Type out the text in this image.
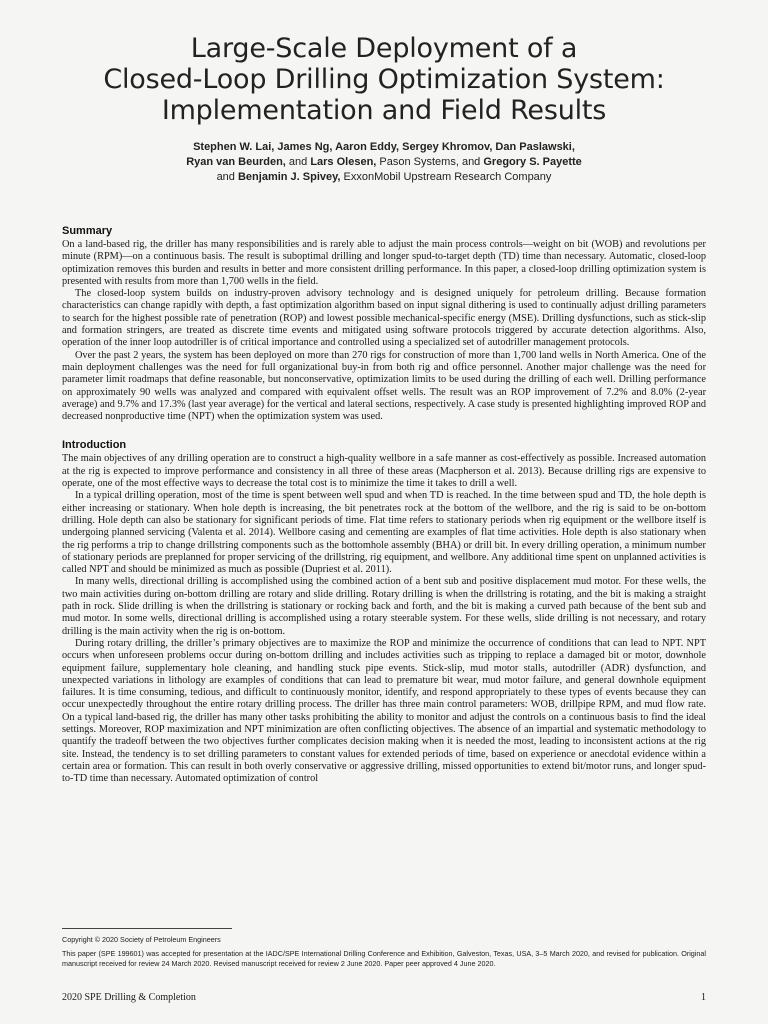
Large-Scale Deployment of a
Closed-Loop Drilling Optimization System:
Implementation and Field Results
Stephen W. Lai, James Ng, Aaron Eddy, Sergey Khromov, Dan Paslawski,
Ryan van Beurden, and Lars Olesen, Pason Systems, and Gregory S. Payette
and Benjamin J. Spivey, ExxonMobil Upstream Research Company
Summary

On a land-based rig, the driller has many responsibilities and is rarely able to adjust the main process controls—weight on bit (WOB) and revolutions per minute (RPM)—on a continuous basis. The result is suboptimal drilling and longer spud-to-target depth (TD) time than necessary. Automatic, closed-loop optimization removes this burden and results in better and more consistent drilling performance. In this paper, a closed-loop drilling optimization system is presented with results from more than 1,700 wells in the field.

The closed-loop system builds on industry-proven advisory technology and is designed uniquely for petroleum drilling. Because formation characteristics can change rapidly with depth, a fast optimization algorithm based on input signal dithering is used to continually adjust drilling parameters to search for the highest possible rate of penetration (ROP) and lowest possible mechanical-specific energy (MSE). Drilling dysfunctions, such as stick-slip and formation stringers, are treated as discrete time events and mitigated using software protocols triggered by accurate detection algorithms. Also, operation of the inner loop autodriller is of critical importance and controlled using a specialized set of autodriller management protocols.

Over the past 2 years, the system has been deployed on more than 270 rigs for construction of more than 1,700 land wells in North America. One of the main deployment challenges was the need for full organizational buy-in from both rig and office personnel. Another major challenge was the need for parameter limit roadmaps that define reasonable, but nonconservative, optimization limits to be used during the drilling of each well. Drilling performance on approximately 90 wells was analyzed and compared with equivalent offset wells. The result was an ROP improvement of 7.2% and 8.0% (2-year average) and 9.7% and 17.3% (last year average) for the vertical and lateral sections, respectively. A case study is presented highlighting improved ROP and decreased nonproductive time (NPT) when the optimization system was used.

Introduction

The main objectives of any drilling operation are to construct a high-quality wellbore in a safe manner as cost-effectively as possible. Increased automation at the rig is expected to improve performance and consistency in all three of these areas (Macpherson et al. 2013). Because drilling rigs are expensive to operate, one of the most effective ways to decrease the total cost is to minimize the time it takes to drill a well.

In a typical drilling operation, most of the time is spent between well spud and when TD is reached. In the time between spud and TD, the hole depth is either increasing or stationary. When hole depth is increasing, the bit penetrates rock at the bottom of the wellbore, and the rig is said to be on-bottom drilling. Hole depth can also be stationary for significant periods of time. Flat time refers to stationary periods when rig equipment or the wellbore itself is undergoing planned servicing (Valenta et al. 2014). Wellbore casing and cementing are examples of flat time activities. Hole depth is also stationary when the rig performs a trip to change drillstring components such as the bottomhole assembly (BHA) or drill bit. In every drilling operation, a minimum number of stationary periods are preplanned for proper servicing of the drillstring, rig equipment, and wellbore. Any additional time spent on unplanned activities is called NPT and should be minimized as much as possible (Dupriest et al. 2011).

In many wells, directional drilling is accomplished using the combined action of a bent sub and positive displacement mud motor. For these wells, the two main activities during on-bottom drilling are rotary and slide drilling. Rotary drilling is when the drillstring is rotating, and the bit is making a straight path in rock. Slide drilling is when the drillstring is stationary or rocking back and forth, and the bit is making a curved path because of the bent sub and mud motor. In some wells, directional drilling is accomplished using a rotary steerable system. For these wells, slide drilling is not necessary, and rotary drilling is the main activity when the rig is on-bottom.

During rotary drilling, the driller’s primary objectives are to maximize the ROP and minimize the occurrence of conditions that can lead to NPT. NPT occurs when unforeseen problems occur during on-bottom drilling and includes activities such as tripping to replace a damaged bit or motor, downhole equipment failure, supplementary hole cleaning, and handling stuck pipe events. Stick-slip, mud motor stalls, autodriller (ADR) dysfunction, and unexpected variations in lithology are examples of conditions that can lead to premature bit wear, mud motor failure, and general downhole equipment failures. It is time consuming, tedious, and difficult to continuously monitor, identify, and respond appropriately to these types of events because they can occur unexpectedly throughout the entire rotary drilling process. The driller has three main control parameters: WOB, drillpipe RPM, and mud flow rate. On a typical land-based rig, the driller has many other tasks prohibiting the ability to monitor and adjust the controls on a continuous basis to find the ideal settings. Moreover, ROP maximization and NPT minimization are often conflicting objectives. The absence of an impartial and systematic methodology to quantify the tradeoff between the two objectives further complicates decision making when it is needed the most, leading to inconsistent actions at the rig site. Instead, the tendency is to set drilling parameters to constant values for extended periods of time, based on experience or anecdotal evidence within a certain area or formation. This can result in both overly conservative or aggressive drilling, missed opportunities to extend bit/motor runs, and longer spud-to-TD time than necessary. Automated optimization of control

Copyright © 2020 Society of Petroleum Engineers

This paper (SPE 199601) was accepted for presentation at the IADC/SPE International Drilling Conference and Exhibition, Galveston, Texas, USA, 3–5 March 2020, and revised for publication. Original manuscript received for review 24 March 2020. Revised manuscript received for review 2 June 2020. Paper peer approved 4 June 2020.

2020 SPE Drilling & Completion	1
